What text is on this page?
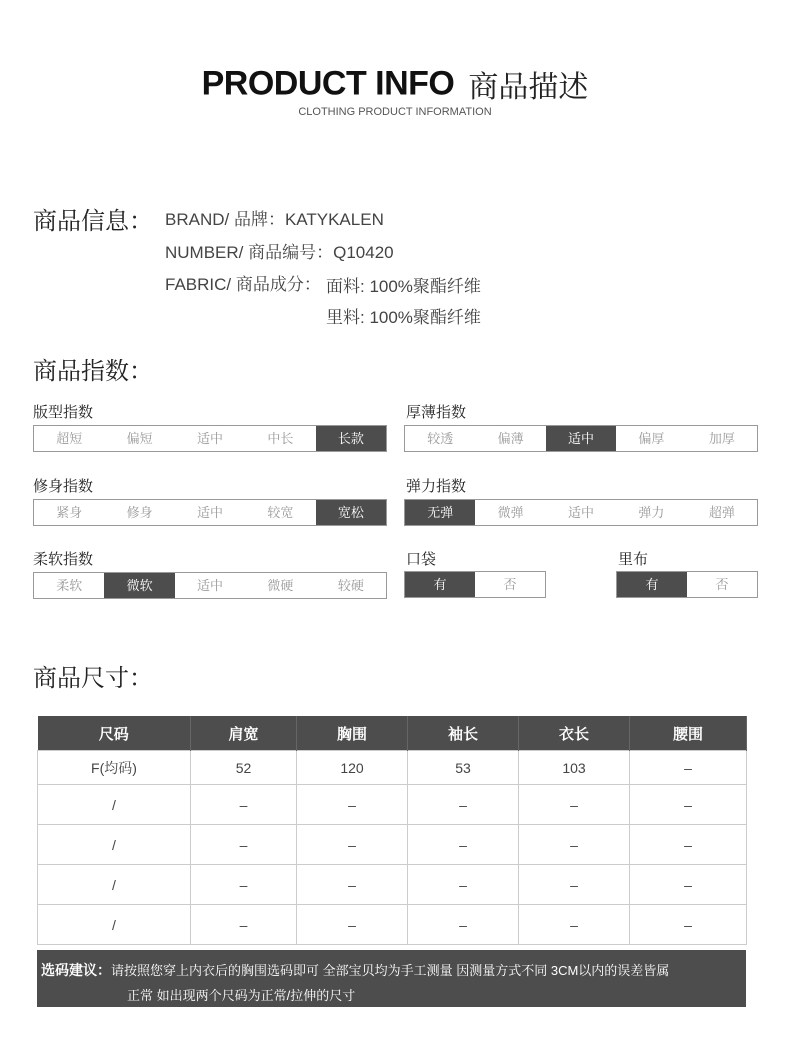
PRODUCT INFO 商品描述
CLOTHING PRODUCT INFORMATION
商品信息： BRAND/ 品牌：KATYKALEN
NUMBER/ 商品编号：Q10420
FABRIC/ 商品成分： 面料: 100%聚酯纤维
里料: 100%聚酯纤维
商品指数：
版型指数
超短	偏短	适中	中长	长款
厚薄指数
较透	偏薄	适中	偏厚	加厚
修身指数
紧身	修身	适中	较宽	宽松
弹力指数
无弹	微弹	适中	弹力	超弹
柔软指数
柔软	微软	适中	微硬	较硬
口袋
有	否
里布
有	否
商品尺寸：
尺码	肩宽	胸围	袖长	衣长	腰围
F(均码)	52	120	53	103	–
/	–	–	–	–	–
/	–	–	–	–	–
/	–	–	–	–	–
/	–	–	–	–	–
选码建议：请按照您穿上内衣后的胸围选码即可 全部宝贝均为手工测量 因测量方式不同 3CM以内的误差皆属
正常 如出现两个尺码为正常/拉伸的尺寸
